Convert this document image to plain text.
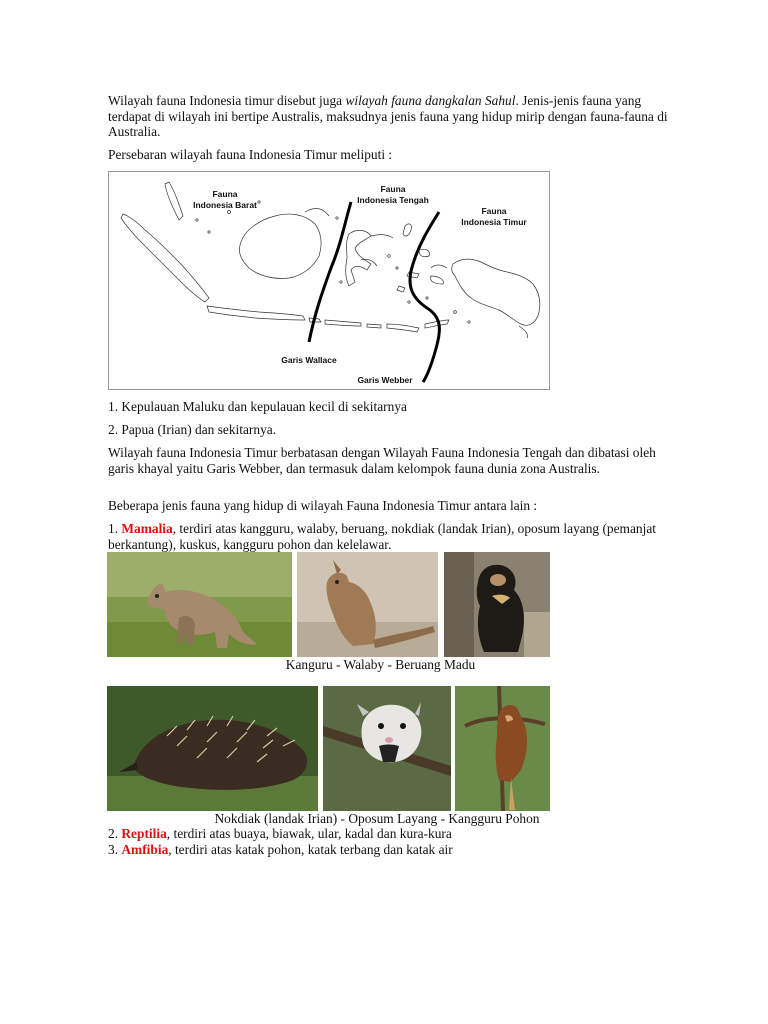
Wilayah fauna Indonesia timur disebut juga wilayah fauna dangkalan Sahul. Jenis-jenis fauna yang terdapat di wilayah ini bertipe Australis, maksudnya jenis fauna yang hidup mirip dengan fauna-fauna di Australia.

Persebaran wilayah fauna Indonesia Timur meliputi :

Fauna
Indonesia Barat
Fauna
Indonesia Tengah
Fauna
Indonesia Timur
Garis Wallace
Garis Webber

1. Kepulauan Maluku dan kepulauan kecil di sekitarnya

2. Papua (Irian) dan sekitarnya.

Wilayah fauna Indonesia Timur berbatasan dengan Wilayah Fauna Indonesia Tengah dan dibatasi oleh garis khayal yaitu Garis Webber, dan termasuk dalam kelompok fauna dunia zona Australis.

Beberapa jenis fauna yang hidup di wilayah Fauna Indonesia Timur antara lain :

1. Mamalia, terdiri atas kangguru, walaby, beruang, nokdiak (landak Irian), oposum layang (pemanjat berkantung), kuskus, kangguru pohon dan kelelawar.

Kanguru - Walaby - Beruang Madu
Nokdiak (landak Irian) - Oposum Layang - Kangguru Pohon

2. Reptilia, terdiri atas buaya, biawak, ular, kadal dan kura-kura

3. Amfibia, terdiri atas katak pohon, katak terbang dan katak air
